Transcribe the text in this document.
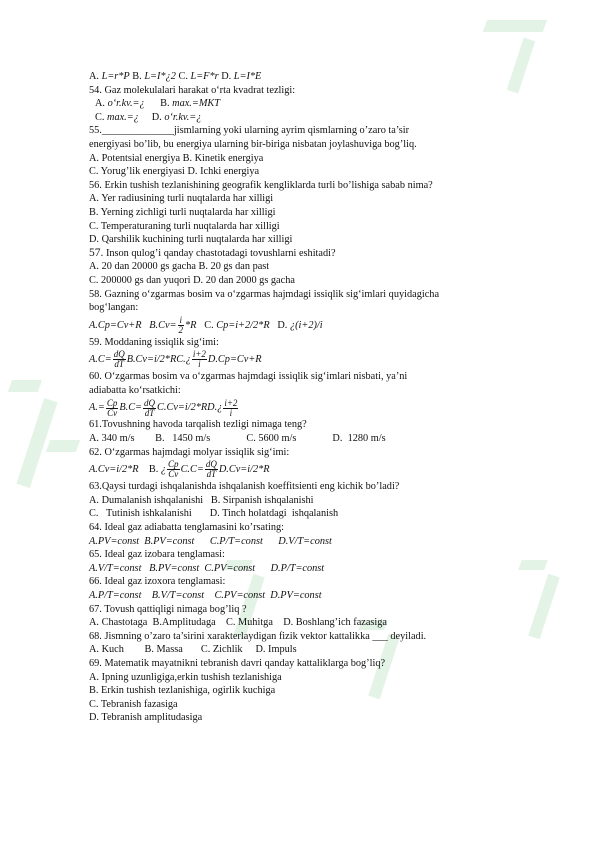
A. L=r*P B. L=I*¿2 C. L=F*r D. L=I*E
54. Gaz molekulalari harakat o‘rta kvadrat tezligi:
A. o‘r.kv.=¿ B. max.=MKT
C. max.=¿ D. o‘r.kv.=¿
55.______________jismlarning yoki ularning ayrim qismlarning o’zaro ta’sir
energiyasi bo’lib, bu energiya ularning bir-biriga nisbatan joylashuviga bog’liq.
A. Potentsial energiya B. Kinetik energiya
C. Yorug’lik energiyasi D. Ichki energiya
56. Erkin tushish tezlanishining geografik kengliklarda turli bo’lishiga sabab nima?
A. Yer radiusining turli nuqtalarda har xilligi
B. Yerning zichligi turli nuqtalarda har xilligi
C. Temperaturaning turli nuqtalarda har xilligi
D. Qarshilik kuchining turli nuqtalarda har xilligi
57. Inson qulog’i qanday chastotadagi tovushlarni eshitadi?
A. 20 dan 20000 gs gacha B. 20 gs dan past
C. 200000 gs dan yuqori D. 20 dan 2000 gs gacha
58. Gazning o‘zgarmas bosim va o‘zgarmas hajmdagi issiqlik sig‘imlari quyidagicha
bog‘langan:
A.Cp=Cv+R $B.Cv= \frac{i}{2} *R$ C. Cp=i+2/2*R D. ¿(i+2)/i
59. Moddaning issiqlik sig‘imi:
$A.C= \frac{dQ}{dT}$ B.Cv=i/2*RC.¿ $\frac{i+2}{i} D.Cp=Cv+R$
60. O‘zgarmas bosim va o‘zgarmas hajmdagi issiqlik sig‘imlari nisbati, ya’ni
adiabatta ko‘rsatkichi:
$A.= \frac{Cp}{Cv} B.C= \frac{dQ}{dT}$ C.Cv=i/2*RD.¿ $\frac{i+2}{i}$
61.Tovushning havoda tarqalish tezligi nimaga teng?
A. 340 m/s        B.   1450 m/s              C. 5600 m/s              D.  1280 m/s
62. O‘zgarmas hajmdagi molyar issiqlik sig‘imi:
A.Cv=i/2*R B. ¿ $\frac{Cp}{Cv} C.C= \frac{dQ}{dT} D.Cv=i/2*R$
63.Qaysi turdagi ishqalanishda ishqalanish koeffitsienti eng kichik bo’ladi?
A. Dumalanish ishqalanishi   B. Sirpanish ishqalanishi
C.   Tutinish ishkalanishi       D. Tinch holatdagi  ishqalanish
64. Ideal gaz adiabatta tenglamasini ko’rsating:
A.PV=const  B.PV=const      C.P/T=const      D.V/T=const
65. Ideal gaz izobara tenglamasi:
A.V/T=const   B.PV=const  C.PV=const      D.P/T=const
66. Ideal gaz izoxora tenglamasi:
A.P/T=const    B.V/T=const    C.PV=const  D.PV=const
67. Tovush qattiqligi nimaga bog’liq ?
A. Chastotaga  B.Amplitudaga    C. Muhitga    D. Boshlang’ich fazasiga
68. Jismning o’zaro ta’sirini xarakterlaydigan fizik vektor kattalikka ___ deyiladi.
A. Kuch        B. Massa       C. Zichlik     D. Impuls
69. Matematik mayatnikni tebranish davri qanday kattaliklarga bog’liq?
A. Ipning uzunligiga,erkin tushish tezlanishiga
B. Erkin tushish tezlanishiga, ogirlik kuchiga
C. Tebranish fazasiga
D. Tebranish amplitudasiga
